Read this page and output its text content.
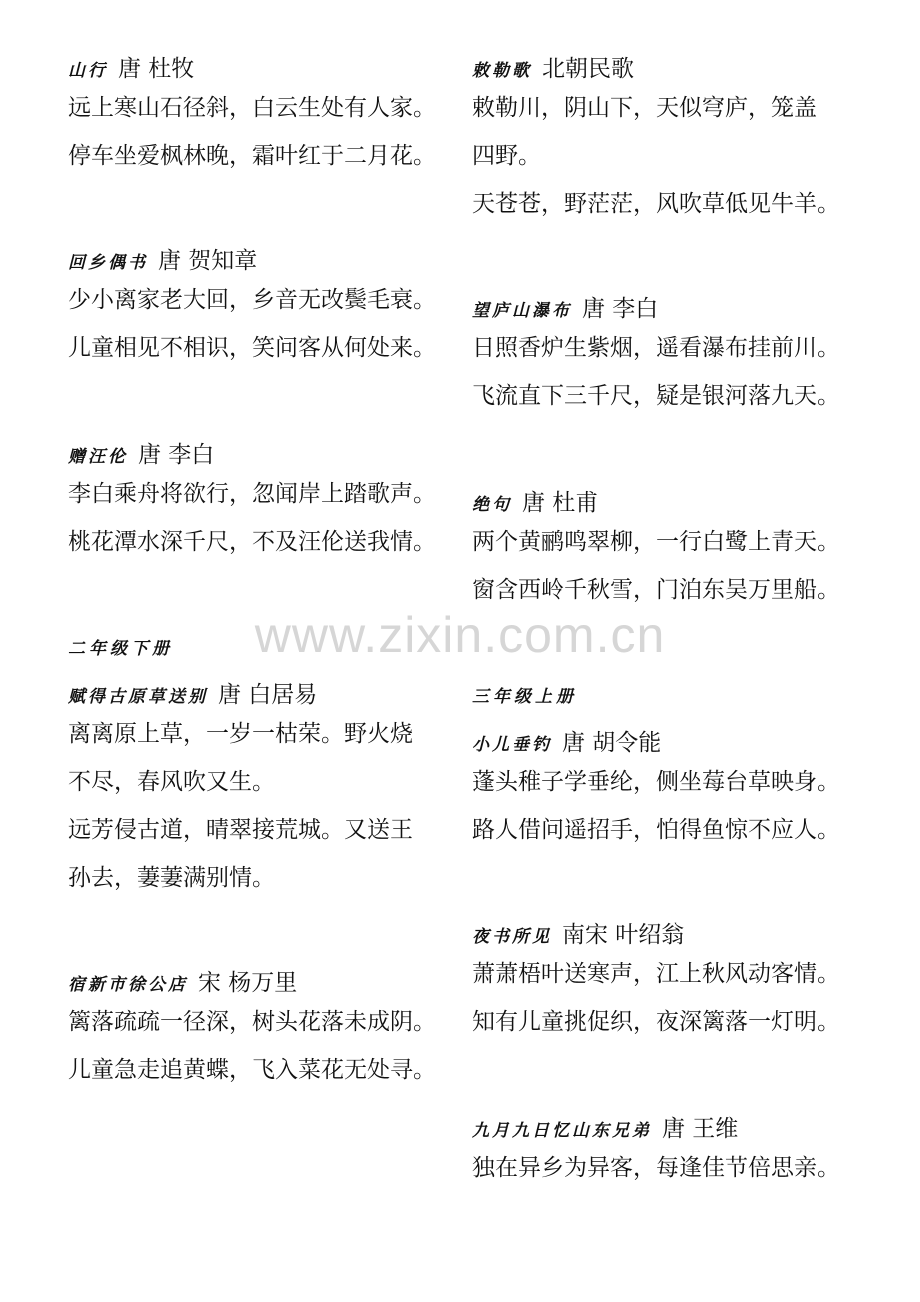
www.zixin.com.cn
山行 唐 杜牧
远上寒山石径斜，白云生处有人家。
停车坐爱枫林晚，霜叶红于二月花。
回乡偶书 唐 贺知章
少小离家老大回，乡音无改鬓毛衰。
儿童相见不相识，笑问客从何处来。
赠汪伦 唐 李白
李白乘舟将欲行，忽闻岸上踏歌声。
桃花潭水深千尺，不及汪伦送我情。
二年级下册
赋得古原草送别 唐 白居易
离离原上草，一岁一枯荣。野火烧
不尽，春风吹又生。
远芳侵古道，晴翠接荒城。又送王
孙去，萋萋满别情。
宿新市徐公店 宋 杨万里
篱落疏疏一径深，树头花落未成阴。
儿童急走追黄蝶，飞入菜花无处寻。
敕勒歌 北朝民歌
敕勒川，阴山下，天似穹庐，笼盖
四野。
天苍苍，野茫茫，风吹草低见牛羊。
望庐山瀑布 唐 李白
日照香炉生紫烟，遥看瀑布挂前川。
飞流直下三千尺，疑是银河落九天。
绝句 唐 杜甫
两个黄鹂鸣翠柳，一行白鹭上青天。
窗含西岭千秋雪，门泊东吴万里船。
三年级上册
小儿垂钓 唐 胡令能
蓬头稚子学垂纶，侧坐莓台草映身。
路人借问遥招手，怕得鱼惊不应人。
夜书所见 南宋 叶绍翁
萧萧梧叶送寒声，江上秋风动客情。
知有儿童挑促织，夜深篱落一灯明。
九月九日忆山东兄弟 唐 王维
独在异乡为异客，每逢佳节倍思亲。
